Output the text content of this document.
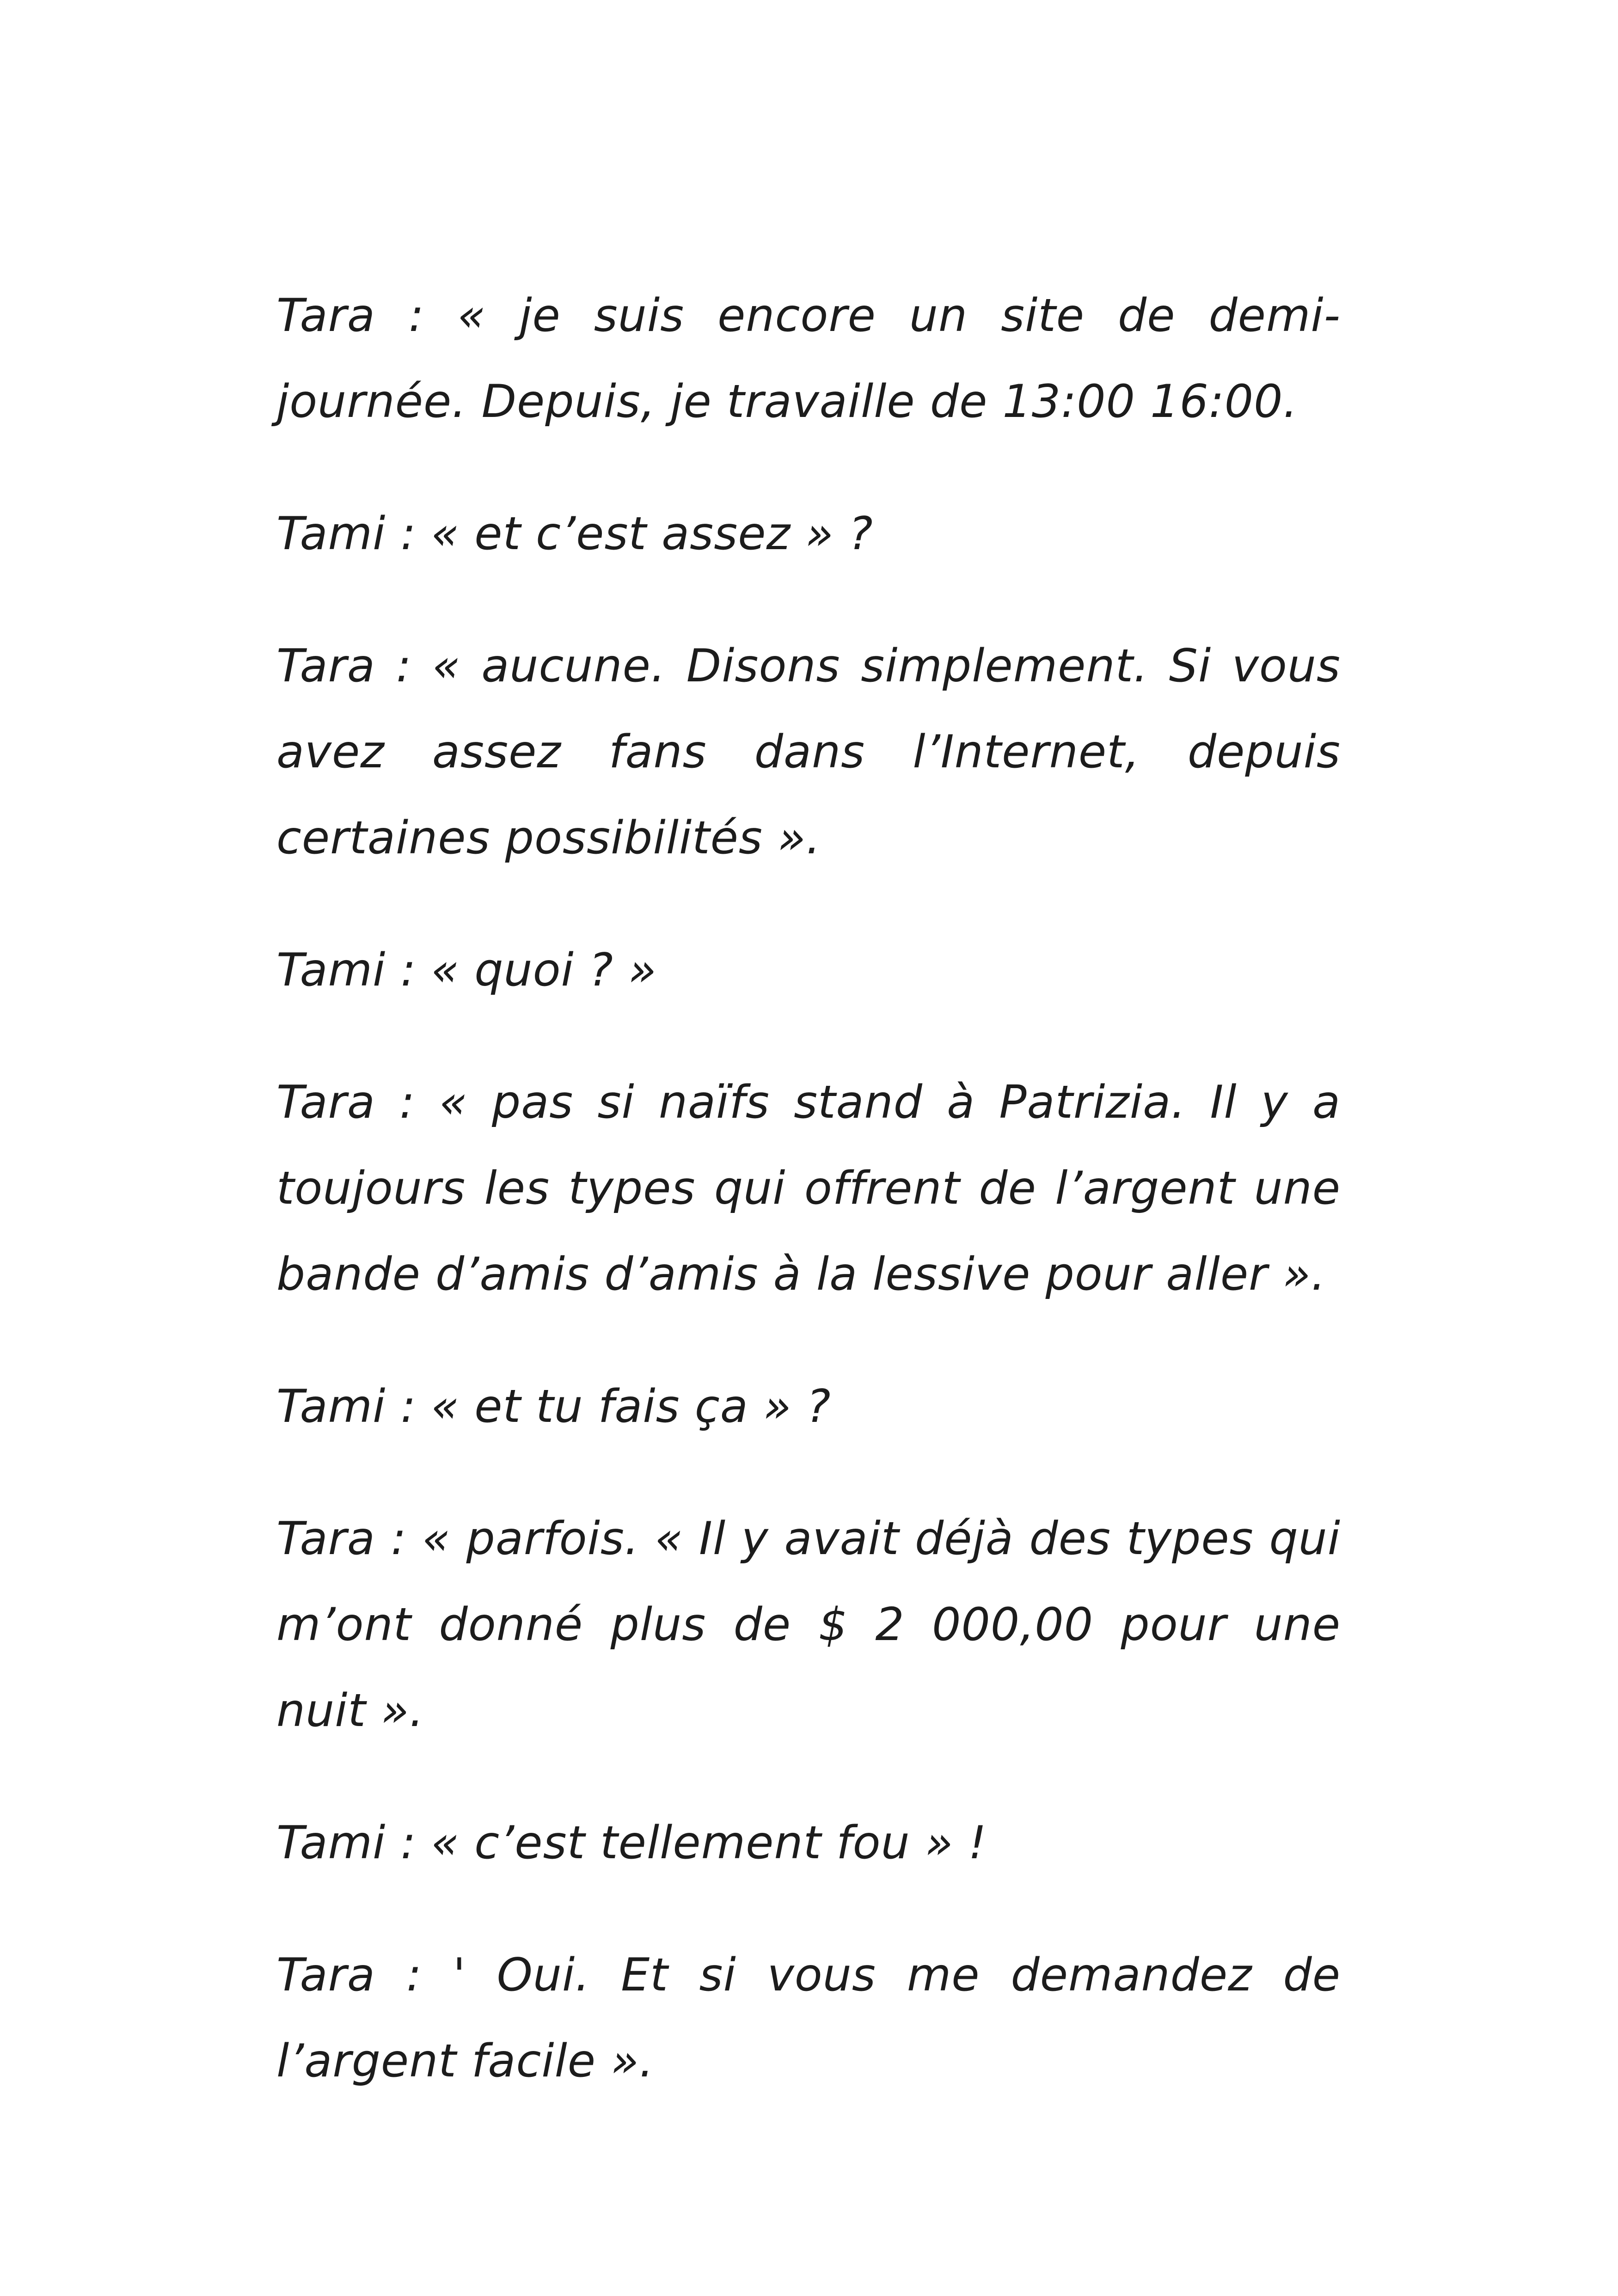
Tara : « je suis encore un site de demi-journée. Depuis, je travaille de 13:00 16:00.

Tami : « et c’est assez » ?

Tara : « aucune. Disons simplement. Si vous avez assez fans dans l’Internet, depuis certaines possibilités ».

Tami : « quoi ? »

Tara : « pas si naïfs stand à Patrizia. Il y a toujours les types qui offrent de l’argent une bande d’amis d’amis à la lessive pour aller ».

Tami : « et tu fais ça » ?

Tara : « parfois. « Il y avait déjà des types qui m’ont donné plus de $ 2 000,00 pour une nuit ».

Tami : « c’est tellement fou » !

Tara : ' Oui. Et si vous me demandez de l’argent facile ».
